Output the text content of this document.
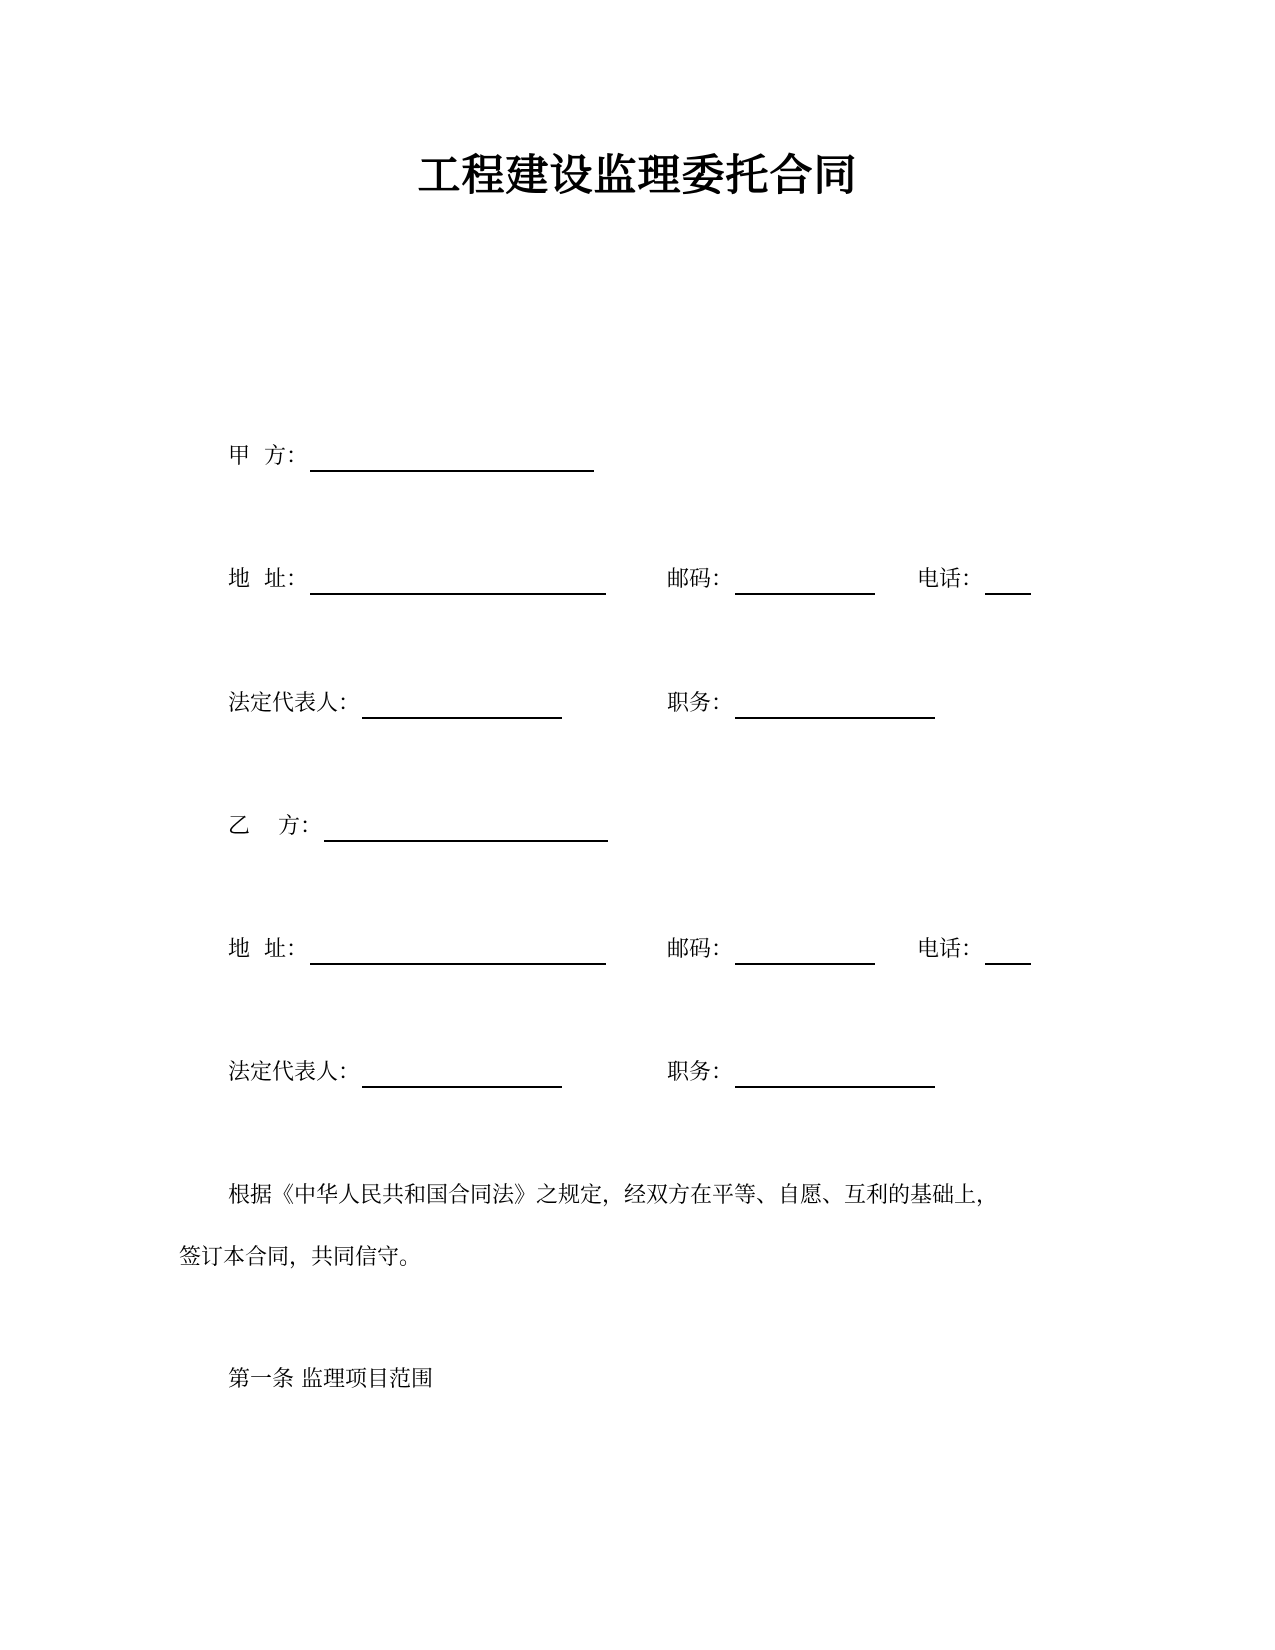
工程建设监理委托合同
甲  方：
地  址：	邮码：	电话：
法定代表人：	职务：
乙    方：
地  址：	邮码：	电话：
法定代表人：	职务：
根据《中华人民共和国合同法》之规定，经双方在平等、自愿、互利的基础上，
签订本合同，共同信守。
第一条 监理项目范围
